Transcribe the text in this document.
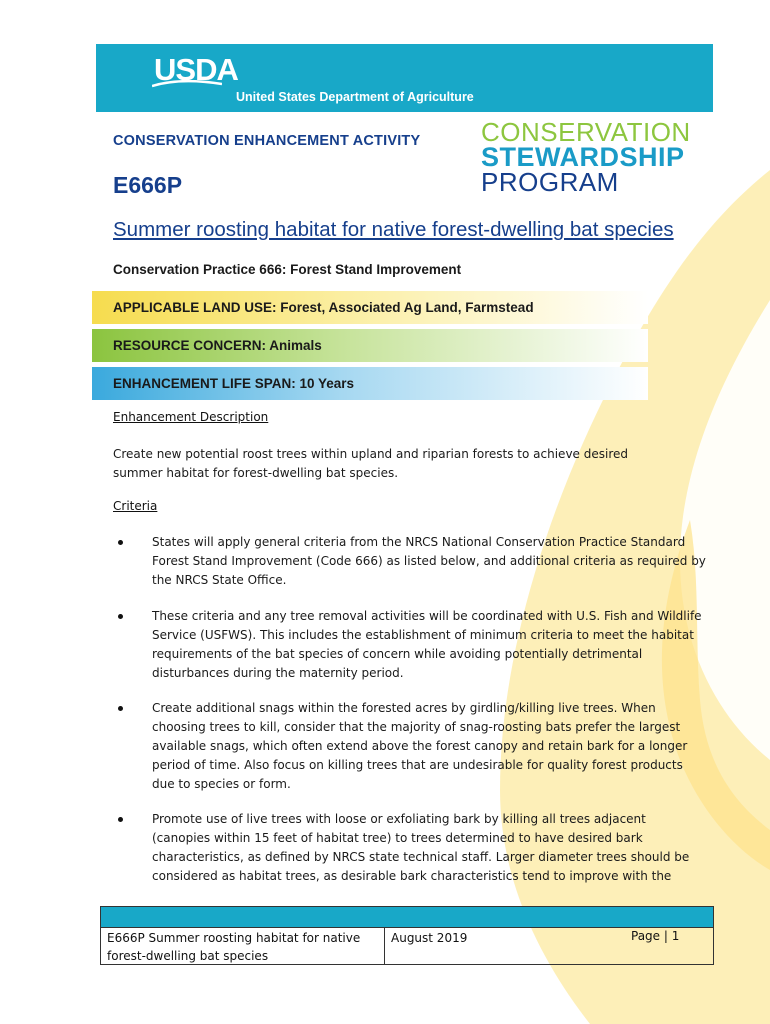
USDA
United States Department of Agriculture
CONSERVATION ENHANCEMENT ACTIVITY
E666P
CONSERVATION
STEWARDSHIP
PROGRAM
Summer roosting habitat for native forest-dwelling bat species
Conservation Practice 666: Forest Stand Improvement
APPLICABLE LAND USE: Forest, Associated Ag Land, Farmstead
RESOURCE CONCERN: Animals
ENHANCEMENT LIFE SPAN: 10 Years
Enhancement Description
Create new potential roost trees within upland and riparian forests to achieve desired summer habitat for forest-dwelling bat species.
Criteria
States will apply general criteria from the NRCS National Conservation Practice Standard Forest Stand Improvement (Code 666) as listed below, and additional criteria as required by the NRCS State Office.
These criteria and any tree removal activities will be coordinated with U.S. Fish and Wildlife Service (USFWS). This includes the establishment of minimum criteria to meet the habitat requirements of the bat species of concern while avoiding potentially detrimental disturbances during the maternity period.
Create additional snags within the forested acres by girdling/killing live trees. When choosing trees to kill, consider that the majority of snag-roosting bats prefer the largest available snags, which often extend above the forest canopy and retain bark for a longer period of time. Also focus on killing trees that are undesirable for quality forest products due to species or form.
Promote use of live trees with loose or exfoliating bark by killing all trees adjacent (canopies within 15 feet of habitat tree) to trees determined to have desired bark characteristics, as defined by NRCS state technical staff. Larger diameter trees should be considered as habitat trees, as desirable bark characteristics tend to improve with the
E666P Summer roosting habitat for native forest-dwelling bat species
August 2019	Page | 1
